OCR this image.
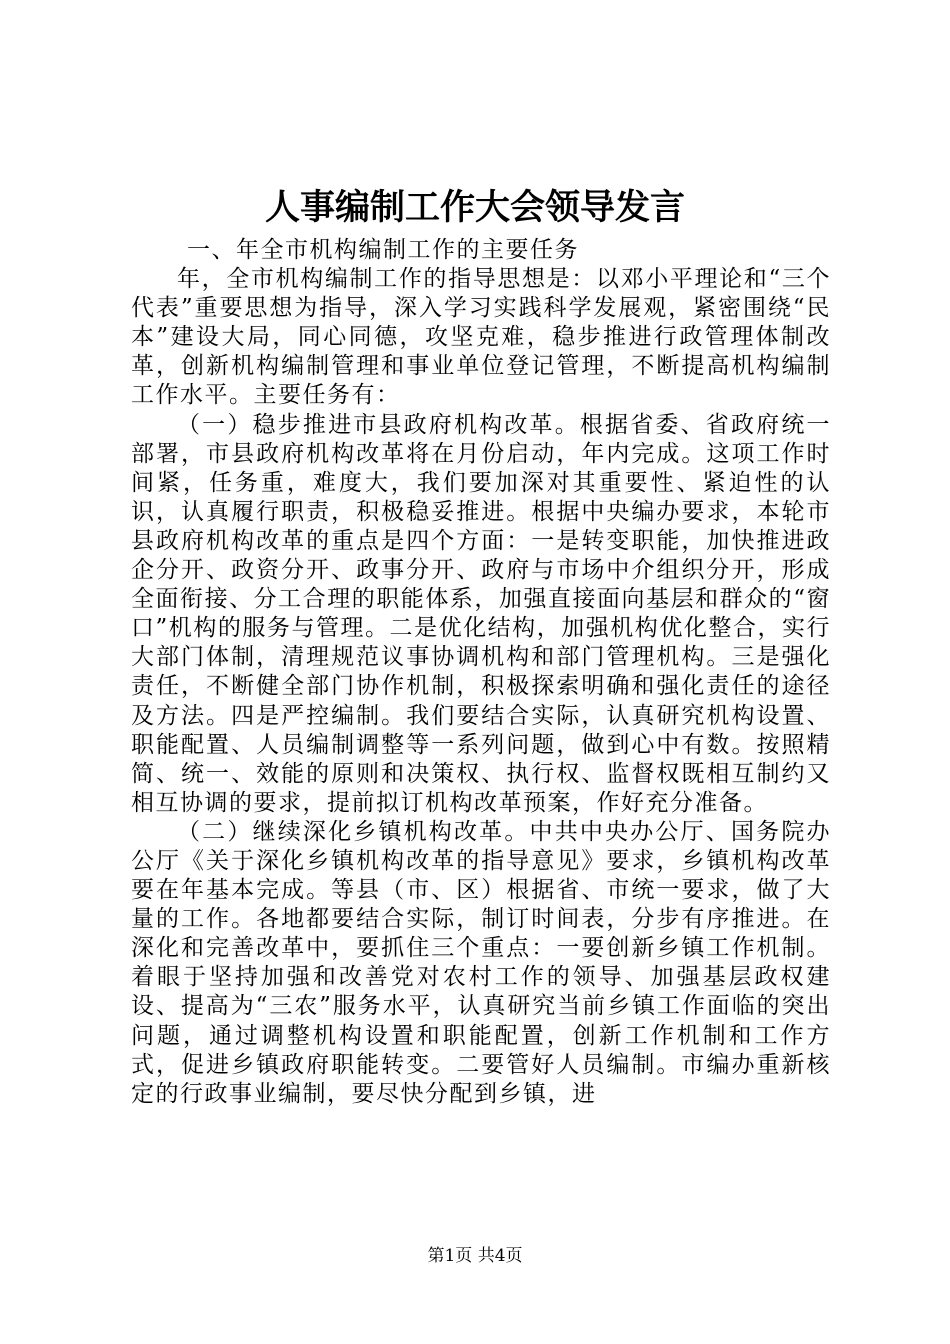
人事编制工作大会领导发言

一、年全市机构编制工作的主要任务

年，全市机构编制工作的指导思想是：以邓小平理论和“三个代表”重要思想为指导，深入学习实践科学发展观，紧密围绕“民本”建设大局，同心同德，攻坚克难，稳步推进行政管理体制改革，创新机构编制管理和事业单位登记管理，不断提高机构编制工作水平。主要任务有：

（一）稳步推进市县政府机构改革。根据省委、省政府统一部署，市县政府机构改革将在月份启动，年内完成。这项工作时间紧，任务重，难度大，我们要加深对其重要性、紧迫性的认识，认真履行职责，积极稳妥推进。根据中央编办要求，本轮市县政府机构改革的重点是四个方面：一是转变职能，加快推进政企分开、政资分开、政事分开、政府与市场中介组织分开，形成全面衔接、分工合理的职能体系，加强直接面向基层和群众的“窗口”机构的服务与管理。二是优化结构，加强机构优化整合，实行大部门体制，清理规范议事协调机构和部门管理机构。三是强化责任，不断健全部门协作机制，积极探索明确和强化责任的途径及方法。四是严控编制。我们要结合实际，认真研究机构设置、职能配置、人员编制调整等一系列问题，做到心中有数。按照精简、统一、效能的原则和决策权、执行权、监督权既相互制约又相互协调的要求，提前拟订机构改革预案，作好充分准备。

（二）继续深化乡镇机构改革。中共中央办公厅、国务院办公厅《关于深化乡镇机构改革的指导意见》要求，乡镇机构改革要在年基本完成。等县（市、区）根据省、市统一要求，做了大量的工作。各地都要结合实际，制订时间表，分步有序推进。在深化和完善改革中，要抓住三个重点：一要创新乡镇工作机制。着眼于坚持加强和改善党对农村工作的领导、加强基层政权建设、提高为“三农”服务水平，认真研究当前乡镇工作面临的突出问题，通过调整机构设置和职能配置，创新工作机制和工作方式，促进乡镇政府职能转变。二要管好人员编制。市编办重新核定的行政事业编制，要尽快分配到乡镇，进

第1页 共4页
